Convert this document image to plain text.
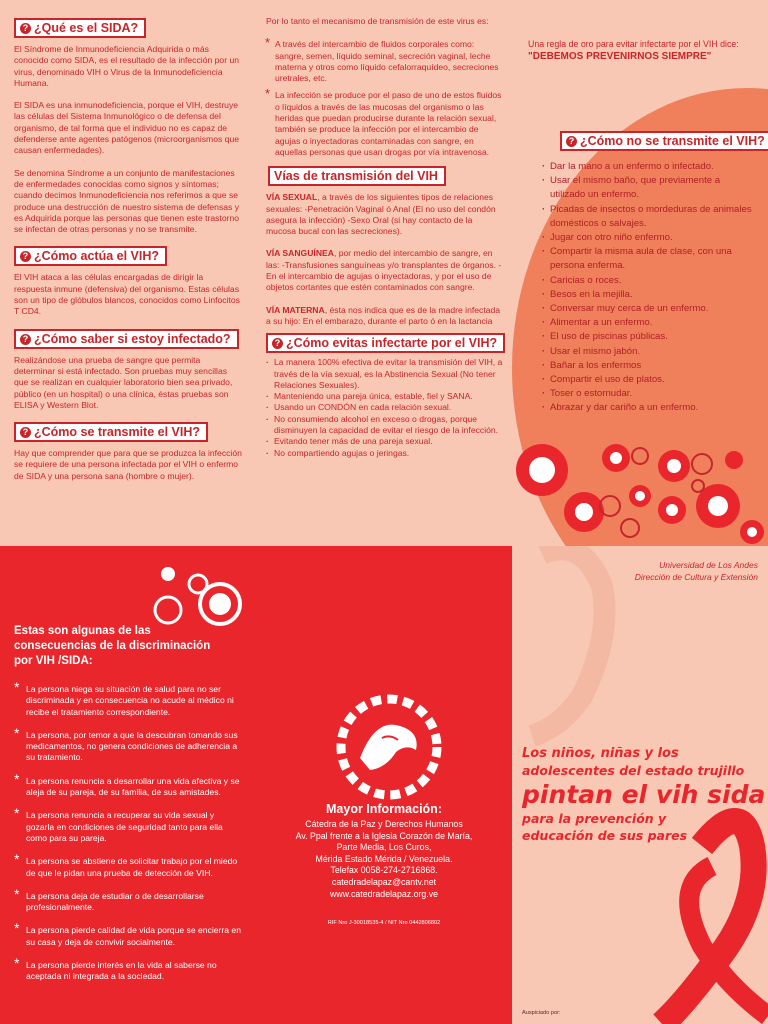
? ¿Qué es el SIDA?

El Síndrome de Inmunodeficiencia Adquirida o más conocido como SIDA, es el resultado de la infección por un virus, denominado VIH o Virus de la Inmunodeficiencia Humana.

El SIDA es una inmunodeficiencia, porque el VIH, destruye las células del Sistema Inmunológico o de defensa del organismo, de tal forma que el individuo no es capaz de defenderse ante agentes patógenos (microorganismos que causan enfermedades).

Se denomina Síndrome a un conjunto de manifestaciones de enfermedades conocidas como signos y síntomas; cuando decimos Inmunodeficiencia nos referimos a que se produce una destrucción de nuestro sistema de defensas y es Adquirida porque las personas que tienen este trastorno se infectan de otras personas y no se transmite.

? ¿Cómo actúa el VIH?

El VIH ataca a las células encargadas de dirigir la respuesta inmune (defensiva) del organismo. Estas células son un tipo de glóbulos blancos, conocidos como Linfocitos T CD4.

? ¿Cómo saber si estoy infectado?

Realizándose una prueba de sangre que permita determinar si está infectado. Son pruebas muy sencillas que se realizan en cualquier laboratorio bien sea privado, público (en un hospital) o una clínica, éstas pruebas son ELISA y Western Blot.

? ¿Cómo se transmite el VIH?

Hay que comprender que para que se produzca la infección se requiere de una persona infectada por el VIH o enfermo de SIDA y una persona sana (hombre o mujer).

Por lo tanto el mecanismo de transmisión de este virus es:

* A través del intercambio de fluidos corporales como: sangre, semen, líquido seminal, secreción vaginal, leche materna y otros como líquido cefalorraquídeo, secreciones uretrales, etc.
* La infección se produce por el paso de uno de estos fluidos o líquidos a través de las mucosas del organismo o las heridas que puedan producirse durante la relación sexual, también se produce la infección por el intercambio de agujas o inyectadoras contaminadas con sangre, en aquellas personas que usan drogas por vía intravenosa.
Vías de transmisión del VIH

VÍA SEXUAL, a través de los siguientes tipos de relaciones sexuales: -Penetración Vaginal ó Anal (El no uso del condón asegura la infección) -Sexo Oral (si hay contacto de la mucosa bucal con las secreciones).

VÍA SANGUÍNEA, por medio del intercambio de sangre, en las: -Transfusiones sanguíneas y/o transplantes de órganos. -En el intercambio de agujas o inyectadoras, y por el uso de objetos cortantes que estén contaminados con sangre.

VÍA MATERNA, ésta nos indica que es de la madre infectada a su hijo: En el embarazo, durante el parto ó en la lactancia

? ¿Cómo evitas infectarte por el VIH?
· La manera 100% efectiva de evitar la transmisión del VIH, a través de la vía sexual, es la Abstinencia Sexual (No tener Relaciones Sexuales).
· Manteniendo una pareja única, estable, fiel y SANA.
· Usando un CONDÓN en cada relación sexual.
· No consumiendo alcohol en exceso o drogas, porque disminuyen la capacidad de evitar el riesgo de la infección.
· Evitando tener más de una pareja sexual.
· No compartiendo agujas o jeringas.
Una regla de oro para evitar infectarte por el VIH dice: "DEBEMOS PREVENIRNOS SIEMPRE"
? ¿Cómo no se transmite el VIH?
· Dar la mano a un enfermo o infectado.
· Usar el mismo baño, que previamente a utilizado un enfermo.
· Picadas de insectos o mordeduras de animales domésticos o salvajes.
· Jugar con otro niño enfermo.
· Compartir la misma aula de clase, con una persona enferma.
· Caricias o roces.
· Besos en la mejilla.
· Conversar muy cerca de un enfermo.
· Alimentar a un enfermo.
· El uso de piscinas públicas.
· Usar el mismo jabón.
· Bañar a los enfermos
· Compartir el uso de platos.
· Toser o estornudar.
· Abrazar y dar cariño a un enfermo.
Estas son algunas de las consecuencias de la discriminación por VIH /SIDA:
* La persona niega su situación de salud para no ser discriminada y en consecuencia no acude al médico ni recibe el tratamiento correspondiente.
* La persona, por temor a que la descubran tomando sus medicamentos, no genera condiciones de adherencia a su tratamiento.
* La persona renuncia a desarrollar una vida afectiva y se aleja de su pareja, de su familia, de sus amistades.
* La persona renuncia a recuperar su vida sexual y gozarla en condiciones de seguridad tanto para ella como para su pareja.
* La persona se abstiene de solicitar trabajo por el miedo de que le pidan una prueba de detección de VIH.
* La persona deja de estudiar o de desarrollarse profesionalmente.
* La persona pierde calidad de vida porque se encierra en su casa y deja de convivir socialmente.
* La persona pierde interés en la vida al saberse no aceptada ni integrada a la sociedad.
Mayor Información:
Cátedra de la Paz y Derechos Humanos
Av. Ppal frente a la Iglesia Corazón de María,
Parte Media, Los Curos,
Mérida Estado Mérida / Venezuela.
Telefax 0058-274-2716868.
catedradelapaz@cantv.net
www.catedradelapaz.org.ve
RIF Nro J-30018535-4 / NIT Nro 0442806802
Universidad de Los Andes
Dirección de Cultura y Extensión
Los niños, niñas y los
adolescentes del estado trujillo
pintan el vih sida
para la prevención y
educación de sus pares
Auspiciado por:
